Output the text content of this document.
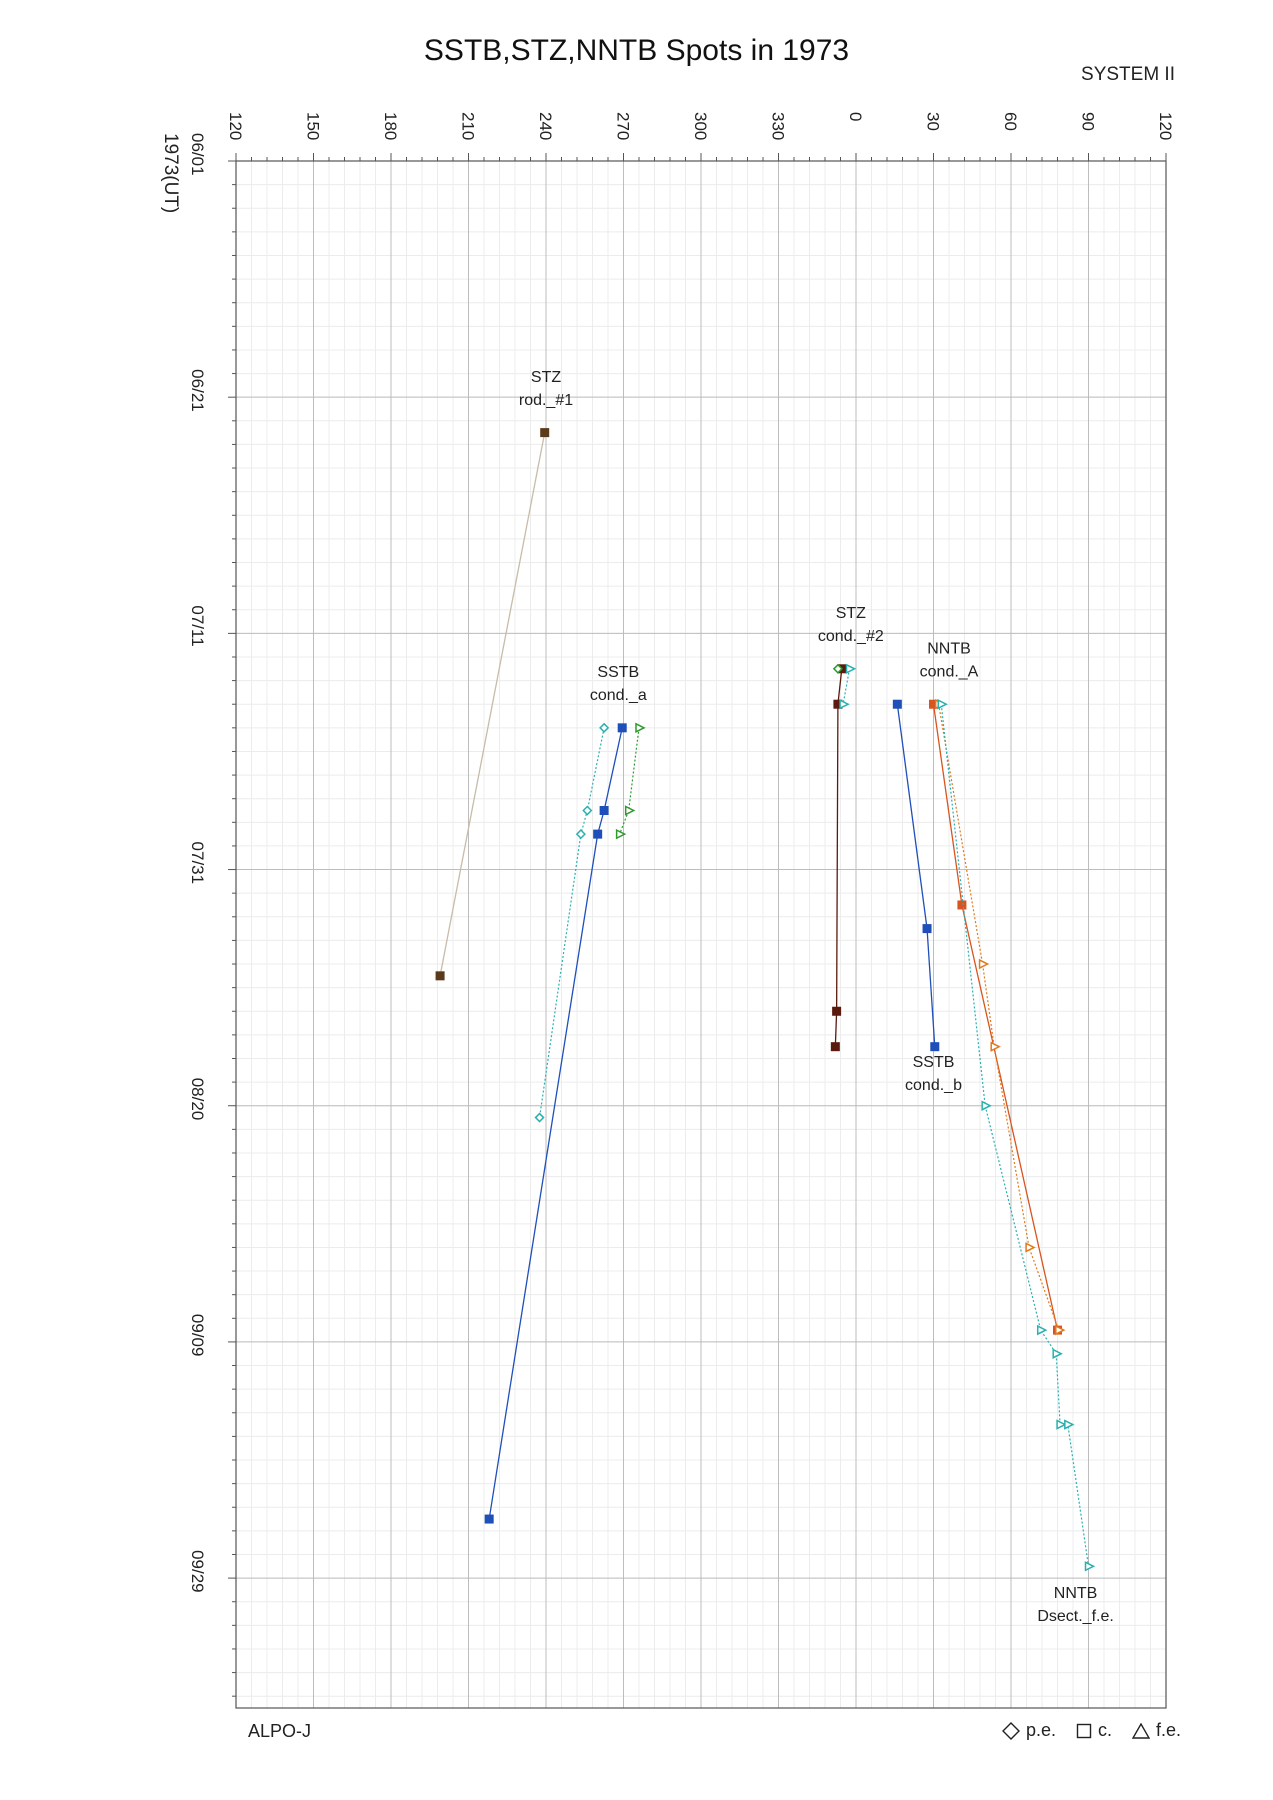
120	150	180	210	240	270	300	330	0	30	60	90	120
06/01
06/21
07/11
07/31
08/20
09/09
09/29
1973(UT)
STZ
rod._#1
STZ
cond._#2
SSTB
cond._a
NNTB
cond._A
SSTB
cond._b
NNTB
Dsect._f.e.
SSTB,STZ,NNTB Spots in 1973
SYSTEM II
ALPO-J	p.e. c. f.e.
